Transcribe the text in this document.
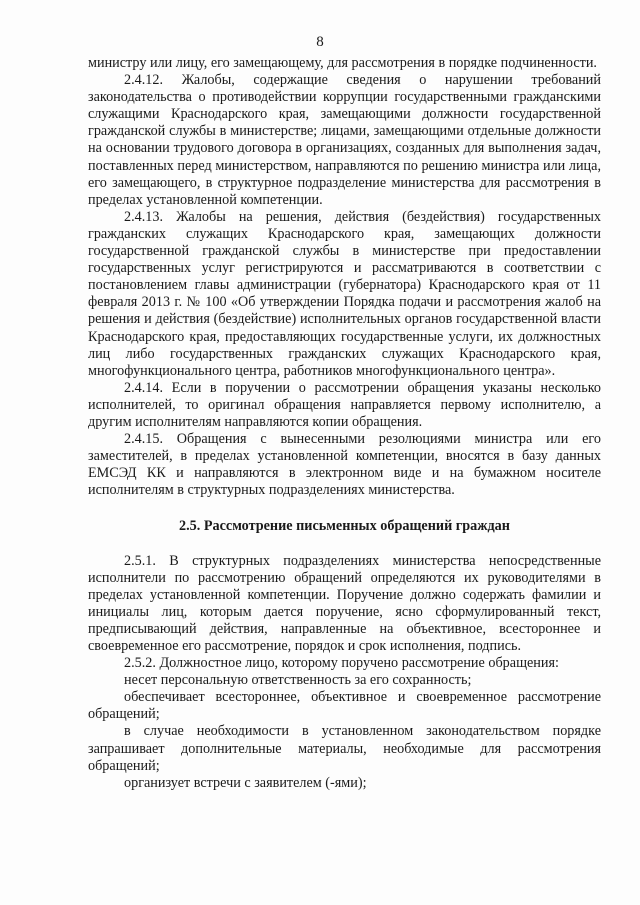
8

министру или лицу, его замещающему, для рассмотрения в порядке подчиненности.

2.4.12. Жалобы, содержащие сведения о нарушении требований законодательства о противодействии коррупции государственными гражданскими служащими Краснодарского края, замещающими должности государственной гражданской службы в министерстве; лицами, замещающими отдельные должности на основании трудового договора в организациях, созданных для выполнения задач, поставленных перед министерством, направляются по решению министра или лица, его замещающего, в структурное подразделение министерства для рассмотрения в пределах установленной компетенции.

2.4.13. Жалобы на решения, действия (бездействия) государственных гражданских служащих Краснодарского края, замещающих должности государственной гражданской службы в министерстве при предоставлении государственных услуг регистрируются и рассматриваются в соответствии с постановлением главы администрации (губернатора) Краснодарского края от 11 февраля 2013 г. № 100 «Об утверждении Порядка подачи и рассмотрения жалоб на решения и действия (бездействие) исполнительных органов государственной власти Краснодарского края, предоставляющих государственные услуги, их должностных лиц либо государственных гражданских служащих Краснодарского края, многофункционального центра, работников многофункционального центра».

2.4.14. Если в поручении о рассмотрении обращения указаны несколько исполнителей, то оригинал обращения направляется первому исполнителю, а другим исполнителям направляются копии обращения.

2.4.15. Обращения с вынесенными резолюциями министра или его заместителей, в пределах установленной компетенции, вносятся в базу данных ЕМСЭД КК и направляются в электронном виде и на бумажном носителе исполнителям в структурных подразделениях министерства.

2.5. Рассмотрение письменных обращений граждан

2.5.1. В структурных подразделениях министерства непосредственные исполнители по рассмотрению обращений определяются их руководителями в пределах установленной компетенции. Поручение должно содержать фамилии и инициалы лиц, которым дается поручение, ясно сформулированный текст, предписывающий действия, направленные на объективное, всестороннее и своевременное его рассмотрение, порядок и срок исполнения, подпись.

2.5.2. Должностное лицо, которому поручено рассмотрение обращения:

несет персональную ответственность за его сохранность;

обеспечивает всестороннее, объективное и своевременное рассмотрение обращений;

в случае необходимости в установленном законодательством порядке запрашивает дополнительные материалы, необходимые для рассмотрения обращений;

организует встречи с заявителем (-ями);
